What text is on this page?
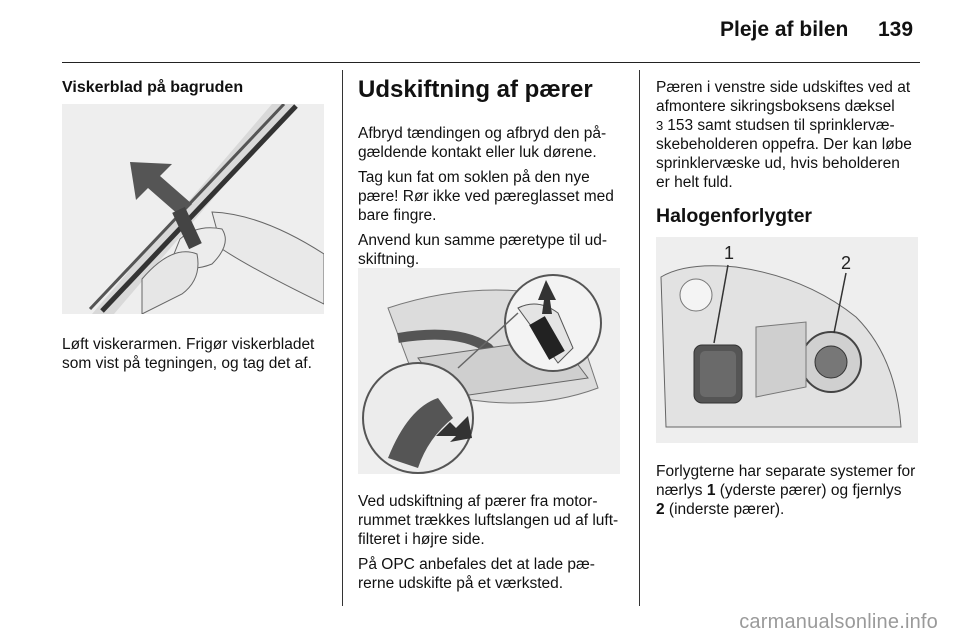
Pleje af bilen 139
Viskerblad på bagruden

Løft viskerarmen. Frigør viskerbladet

som vist på tegningen, og tag det af.

Udskiftning af pærer

Afbryd tændingen og afbryd den på-

gældende kontakt eller luk dørene.

Tag kun fat om soklen på den nye

pære! Rør ikke ved pæreglasset med

bare fingre.

Anvend kun samme pæretype til ud-

skiftning.

Ved udskiftning af pærer fra motor-

rummet trækkes luftslangen ud af luft-

filteret i højre side.

På OPC anbefales det at lade pæ-

rerne udskifte på et værksted.

Pæren i venstre side udskiftes ved at

afmontere sikringsboksens dæksel

3 153 samt studsen til sprinklervæ-

skebeholderen oppefra. Der kan løbe

sprinklervæske ud, hvis beholderen

er helt fuld.

Halogenforlygter
1	2

Forlygterne har separate systemer for

nærlys 1 (yderste pærer) og fjernlys

2 (inderste pærer).

carmanualsonline.info
